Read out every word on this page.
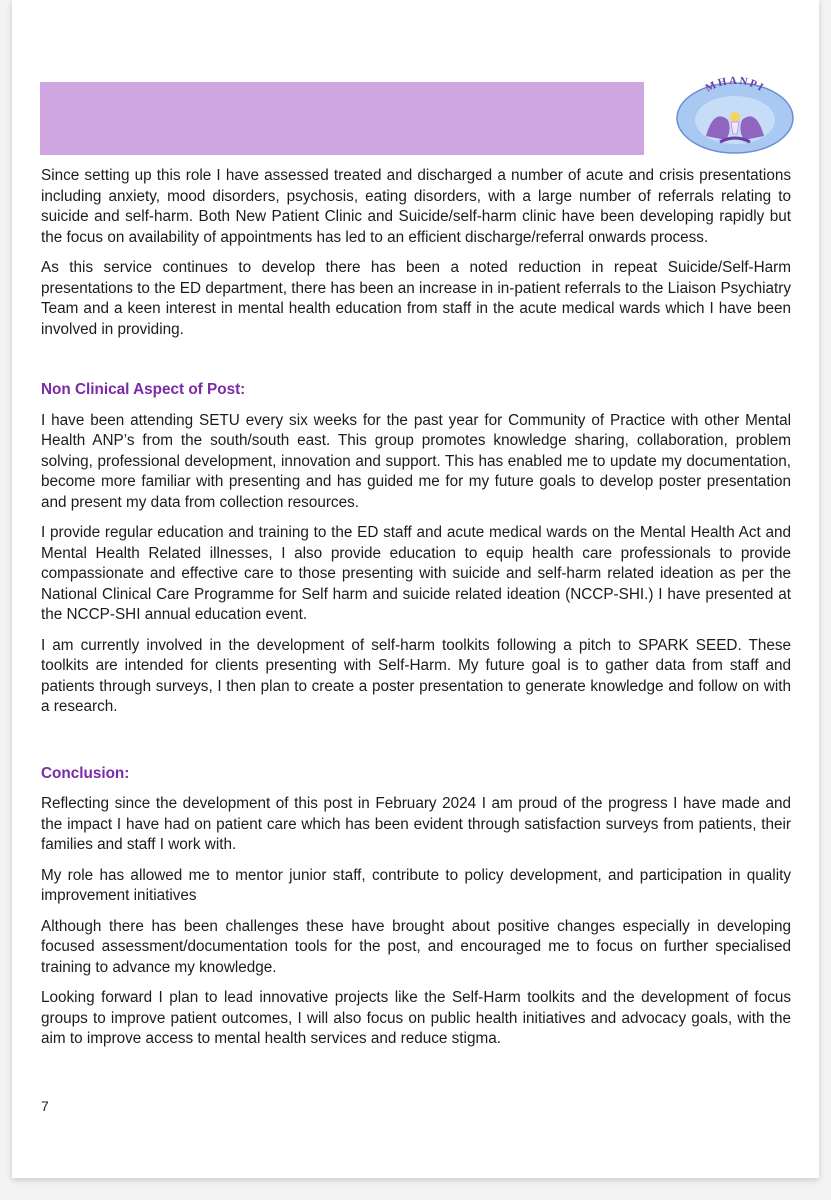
MHANPI

Since setting up this role I have assessed treated and discharged a number of acute and crisis presentations including anxiety, mood disorders, psychosis, eating disorders, with a large number of referrals relating to suicide and self-harm. Both New Patient Clinic and Suicide/self-harm clinic have been developing rapidly but the focus on availability of appointments has led to an efficient discharge/referral onwards process.

As this service continues to develop there has been a noted reduction in repeat Suicide/Self-Harm presentations to the ED department, there has been an increase in in-patient referrals to the Liaison Psychiatry Team and a keen interest in mental health education from staff in the acute medical wards which I have been involved in providing.

Non Clinical Aspect of Post:

I have been attending SETU every six weeks for the past year for Community of Practice with other Mental Health ANP’s from the south/south east. This group promotes knowledge sharing, collaboration, problem solving, professional development, innovation and support. This has enabled me to update my documentation, become more familiar with presenting and has guided me for my future goals to develop poster presentation and present my data from collection resources.

I provide regular education and training to the ED staff and acute medical wards on the Mental Health Act and Mental Health Related illnesses, I also provide education to equip health care professionals to provide compassionate and effective care to those presenting with suicide and self-harm related ideation as per the National Clinical Care Programme for Self harm and suicide related ideation (NCCP-SHI.) I have presented at the NCCP-SHI annual education event.

I am currently involved in the development of self-harm toolkits following a pitch to SPARK SEED. These toolkits are intended for clients presenting with Self-Harm. My future goal is to gather data from staff and patients through surveys, I then plan to create a poster presentation to generate knowledge and follow on with a research.

Conclusion:

Reflecting since the development of this post in February 2024 I am proud of the progress I have made and the impact I have had on patient care which has been evident through satisfaction surveys from patients, their families and staff I work with.

My role has allowed me to mentor junior staff, contribute to policy development, and participation in quality improvement initiatives

Although there has been challenges these have brought about positive changes especially in developing focused assessment/documentation tools for the post, and encouraged me to focus on further specialised training to advance my knowledge.

Looking forward I plan to lead innovative projects like the Self-Harm toolkits and the development of focus groups to improve patient outcomes, I will also focus on public health initiatives and advocacy goals, with the aim to improve access to mental health services and reduce stigma.

7
